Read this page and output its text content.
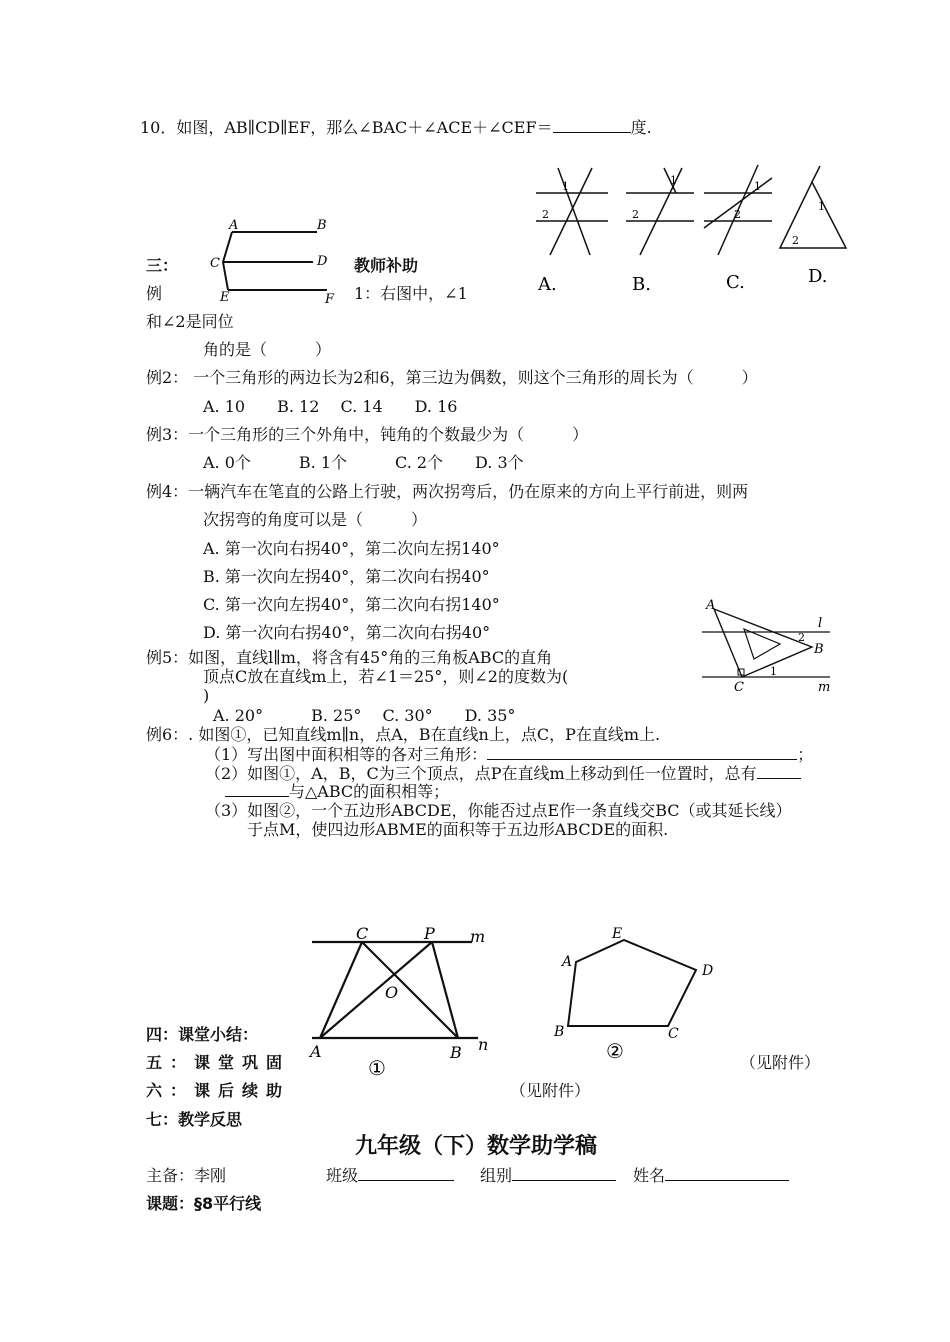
10．如图，AB∥CD∥EF，那么∠BAC＋∠ACE＋∠CEF＝	度.
A	B
C	D
E	F
1
2
A.
1
2
B.
1
2
C.
1
2
D.
三：	教师补助
例	1：右图中，∠1
和∠2是同位
角的是（　　　）
例2： 一个三角形的两边长为2和6，第三边为偶数，则这个三角形的周长为（　　　）
A. 10　　B. 12　 C. 14　　D. 16
例3：一个三角形的三个外角中，钝角的个数最少为（　　　）
A. 0个　　　B. 1个　　　C. 2个　　D. 3个
例4：一辆汽车在笔直的公路上行驶，两次拐弯后，仍在原来的方向上平行前进，则两
次拐弯的角度可以是（　　　）
A. 第一次向右拐40°，第二次向左拐140°
B. 第一次向左拐40°，第二次向右拐40°
C. 第一次向左拐40°，第二次向右拐140°
D. 第一次向右拐40°，第二次向右拐40°
A
B
C
l
m
1
2
例5：如图，直线l∥m，将含有45°角的三角板ABC的直角
顶点C放在直线m上，若∠1＝25°，则∠2的度数为(
)
A. 20°　　　B. 25°　 C. 30°　　D. 35°
例6：. 如图①，已知直线m∥n，点A，B在直线n上，点C，P在直线m上.
（1）写出图中面积相等的各对三角形：	；
（2）如图①，A，B，C为三个顶点，点P在直线m上移动到任一位置时，总有
与△ABC的面积相等；
（3）如图②，一个五边形ABCDE，你能否过点E作一条直线交BC（或其延长线）
于点M，使四边形ABME的面积等于五边形ABCDE的面积.
C	P m
O
A	B n
①
E
A
D
B	C
②
四：课堂小结：
五：课堂巩固	（见附件）
六：课后续助	（见附件）
七：教学反思
九年级（下）数学助学稿
主备：李刚	班级	组别	姓名
课题：§8平行线
